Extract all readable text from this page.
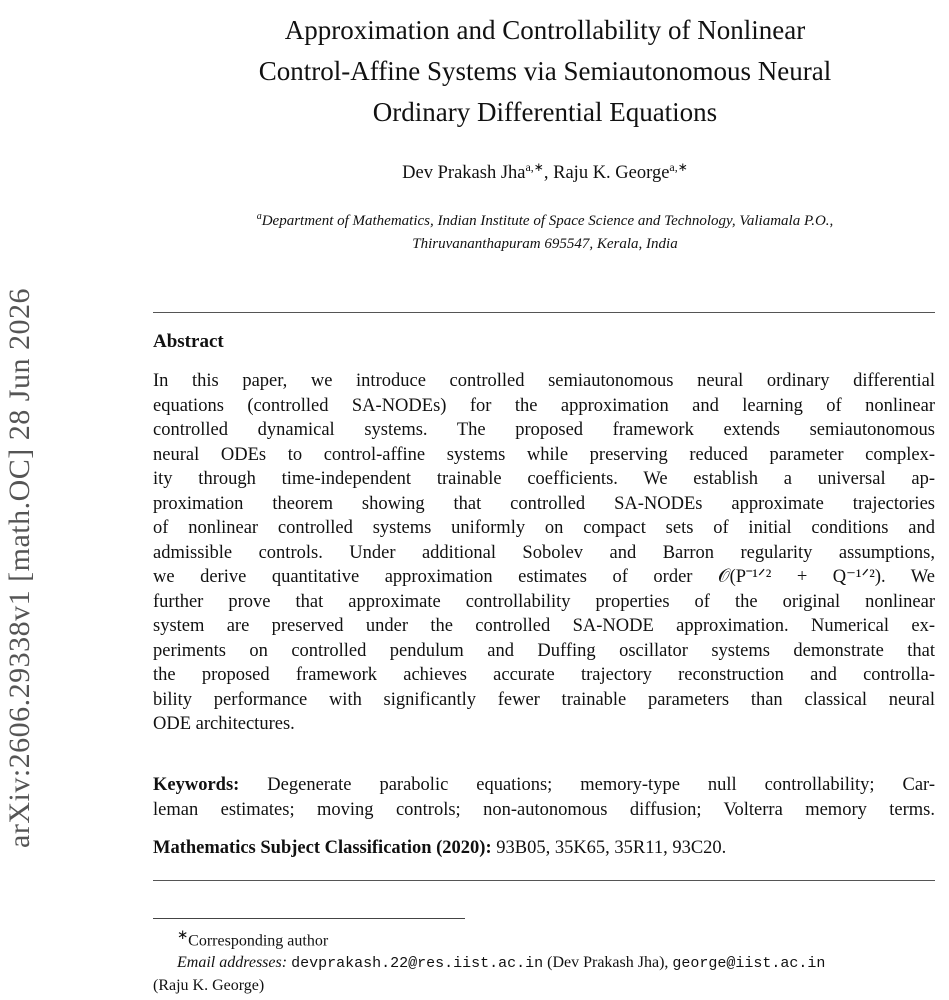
arXiv:2606.29338v1 [math.OC] 28 Jun 2026
Approximation and Controllability of Nonlinear
Control-Affine Systems via Semiautonomous Neural
Ordinary Differential Equations
Dev Prakash Jha$^{a,∗}$, Raju K. George$^{a,∗}$
$^a$Department of Mathematics, Indian Institute of Space Science and Technology, Valiamala P.O.,
Thiruvananthapuram 695547, Kerala, India
Abstract
In this paper, we introduce controlled semiautonomous neural ordinary differential
equations (controlled SA-NODEs) for the approximation and learning of nonlinear
controlled dynamical systems. The proposed framework extends semiautonomous
neural ODEs to control-affine systems while preserving reduced parameter complex-
ity through time-independent trainable coefficients. We establish a universal ap-
proximation theorem showing that controlled SA-NODEs approximate trajectories
of nonlinear controlled systems uniformly on compact sets of initial conditions and
admissible controls. Under additional Sobolev and Barron regularity assumptions,
we derive quantitative approximation estimates of order 𝒪(P⁻¹ᐟ² + Q⁻¹ᐟ²). We
further prove that approximate controllability properties of the original nonlinear
system are preserved under the controlled SA-NODE approximation. Numerical ex-
periments on controlled pendulum and Duffing oscillator systems demonstrate that
the proposed framework achieves accurate trajectory reconstruction and controlla-
bility performance with significantly fewer trainable parameters than classical neural
ODE architectures.
Keywords: Degenerate parabolic equations; memory-type null controllability; Car-
leman estimates; moving controls; non-autonomous diffusion; Volterra memory terms.
Mathematics Subject Classification (2020): 93B05, 35K65, 35R11, 93C20.
∗Corresponding author
Email addresses: devprakash.22@res.iist.ac.in (Dev Prakash Jha), george@iist.ac.in
(Raju K. George)
